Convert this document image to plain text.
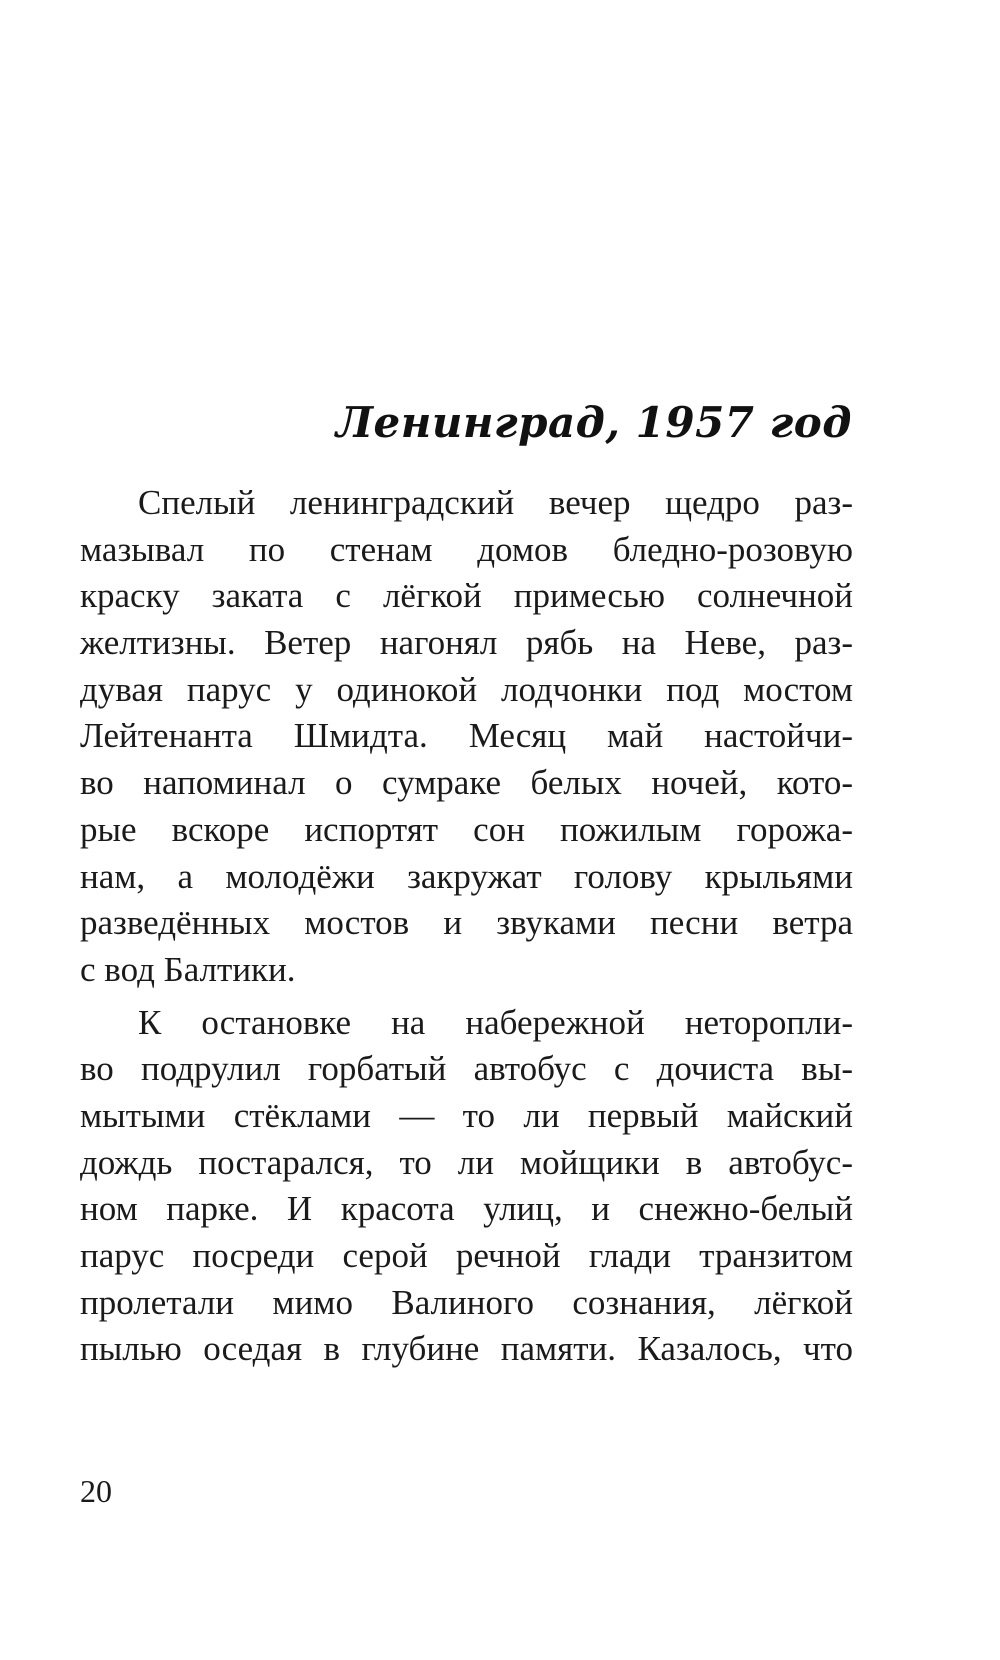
Ленинград, 1957 год
Спелый ленинградский вечер щедро раз-
мазывал по стенам домов бледно-розовую
краску заката с лёгкой примесью солнечной
желтизны. Ветер нагонял рябь на Неве, раз-
дувая парус у одинокой лодчонки под мостом
Лейтенанта Шмидта. Месяц май настойчи-
во напоминал о сумраке белых ночей, кото-
рые вскоре испортят сон пожилым горожа-
нам, а молодёжи закружат голову крыльями
разведённых мостов и звуками песни ветра
с вод Балтики.
К остановке на набережной неторопли-
во подрулил горбатый автобус с дочиста вы-
мытыми стёклами — то ли первый майский
дождь постарался, то ли мойщики в автобус-
ном парке. И красота улиц, и снежно-белый
парус посреди серой речной глади транзитом
пролетали мимо Валиного сознания, лёгкой
пылью оседая в глубине памяти. Казалось, что
20
